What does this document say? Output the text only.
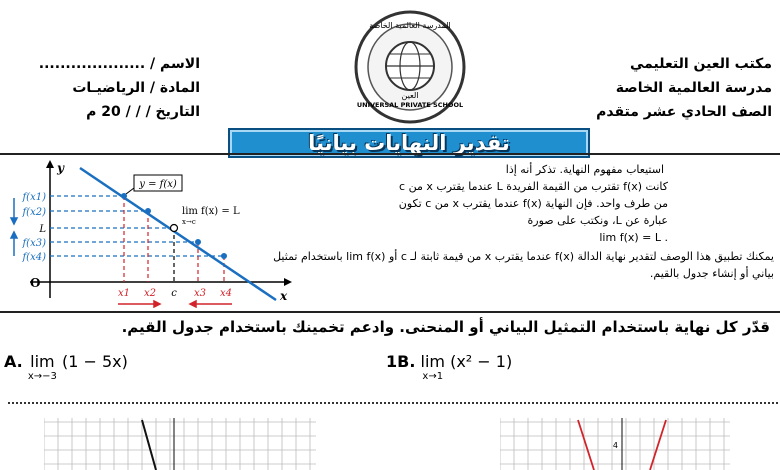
مكتب العين التعليمي
مدرسة العالمية الخاصة
الصف الحادي عشر متقدم
الاسم / ....................
المادة / الرياضيـات
التاريخ / / / 20 م
المدرسة العالمية الخاصة
UNIVERSAL PRIVATE SCHOOL
العين
تقدير النهايات بيانيًا
y
x
O
y = f(x)
lim f(x) = L
x→c
f(x1)
f(x2)
L
f(x3)
f(x4)
x1 x2 c x3 x4
استيعاب مفهوم النهاية. تذكر أنه إذا
كانت f(x) تقترب من القيمة الفريدة L عندما يقترب x من c
من طرف واحد. فإن النهاية f(x) عندما يقترب x من c تكون
عبارة عن L، ونكتب على صورة
lim f(x) = L .
يمكنك تطبيق هذا الوصف لتقدير نهاية الدالة f(x) عندما يقترب x من قيمة ثابتة لـ c أو lim f(x) باستخدام تمثيل
بياني أو إنشاء جدول بالقيم.
قدّر كل نهاية باستخدام التمثيل البياني أو المنحنى. وادعم تخمينك باستخدام جدول القيم.
A. lim
x→−3
(1 − 5x)	1B. lim
x→1
(x² − 1)
4
